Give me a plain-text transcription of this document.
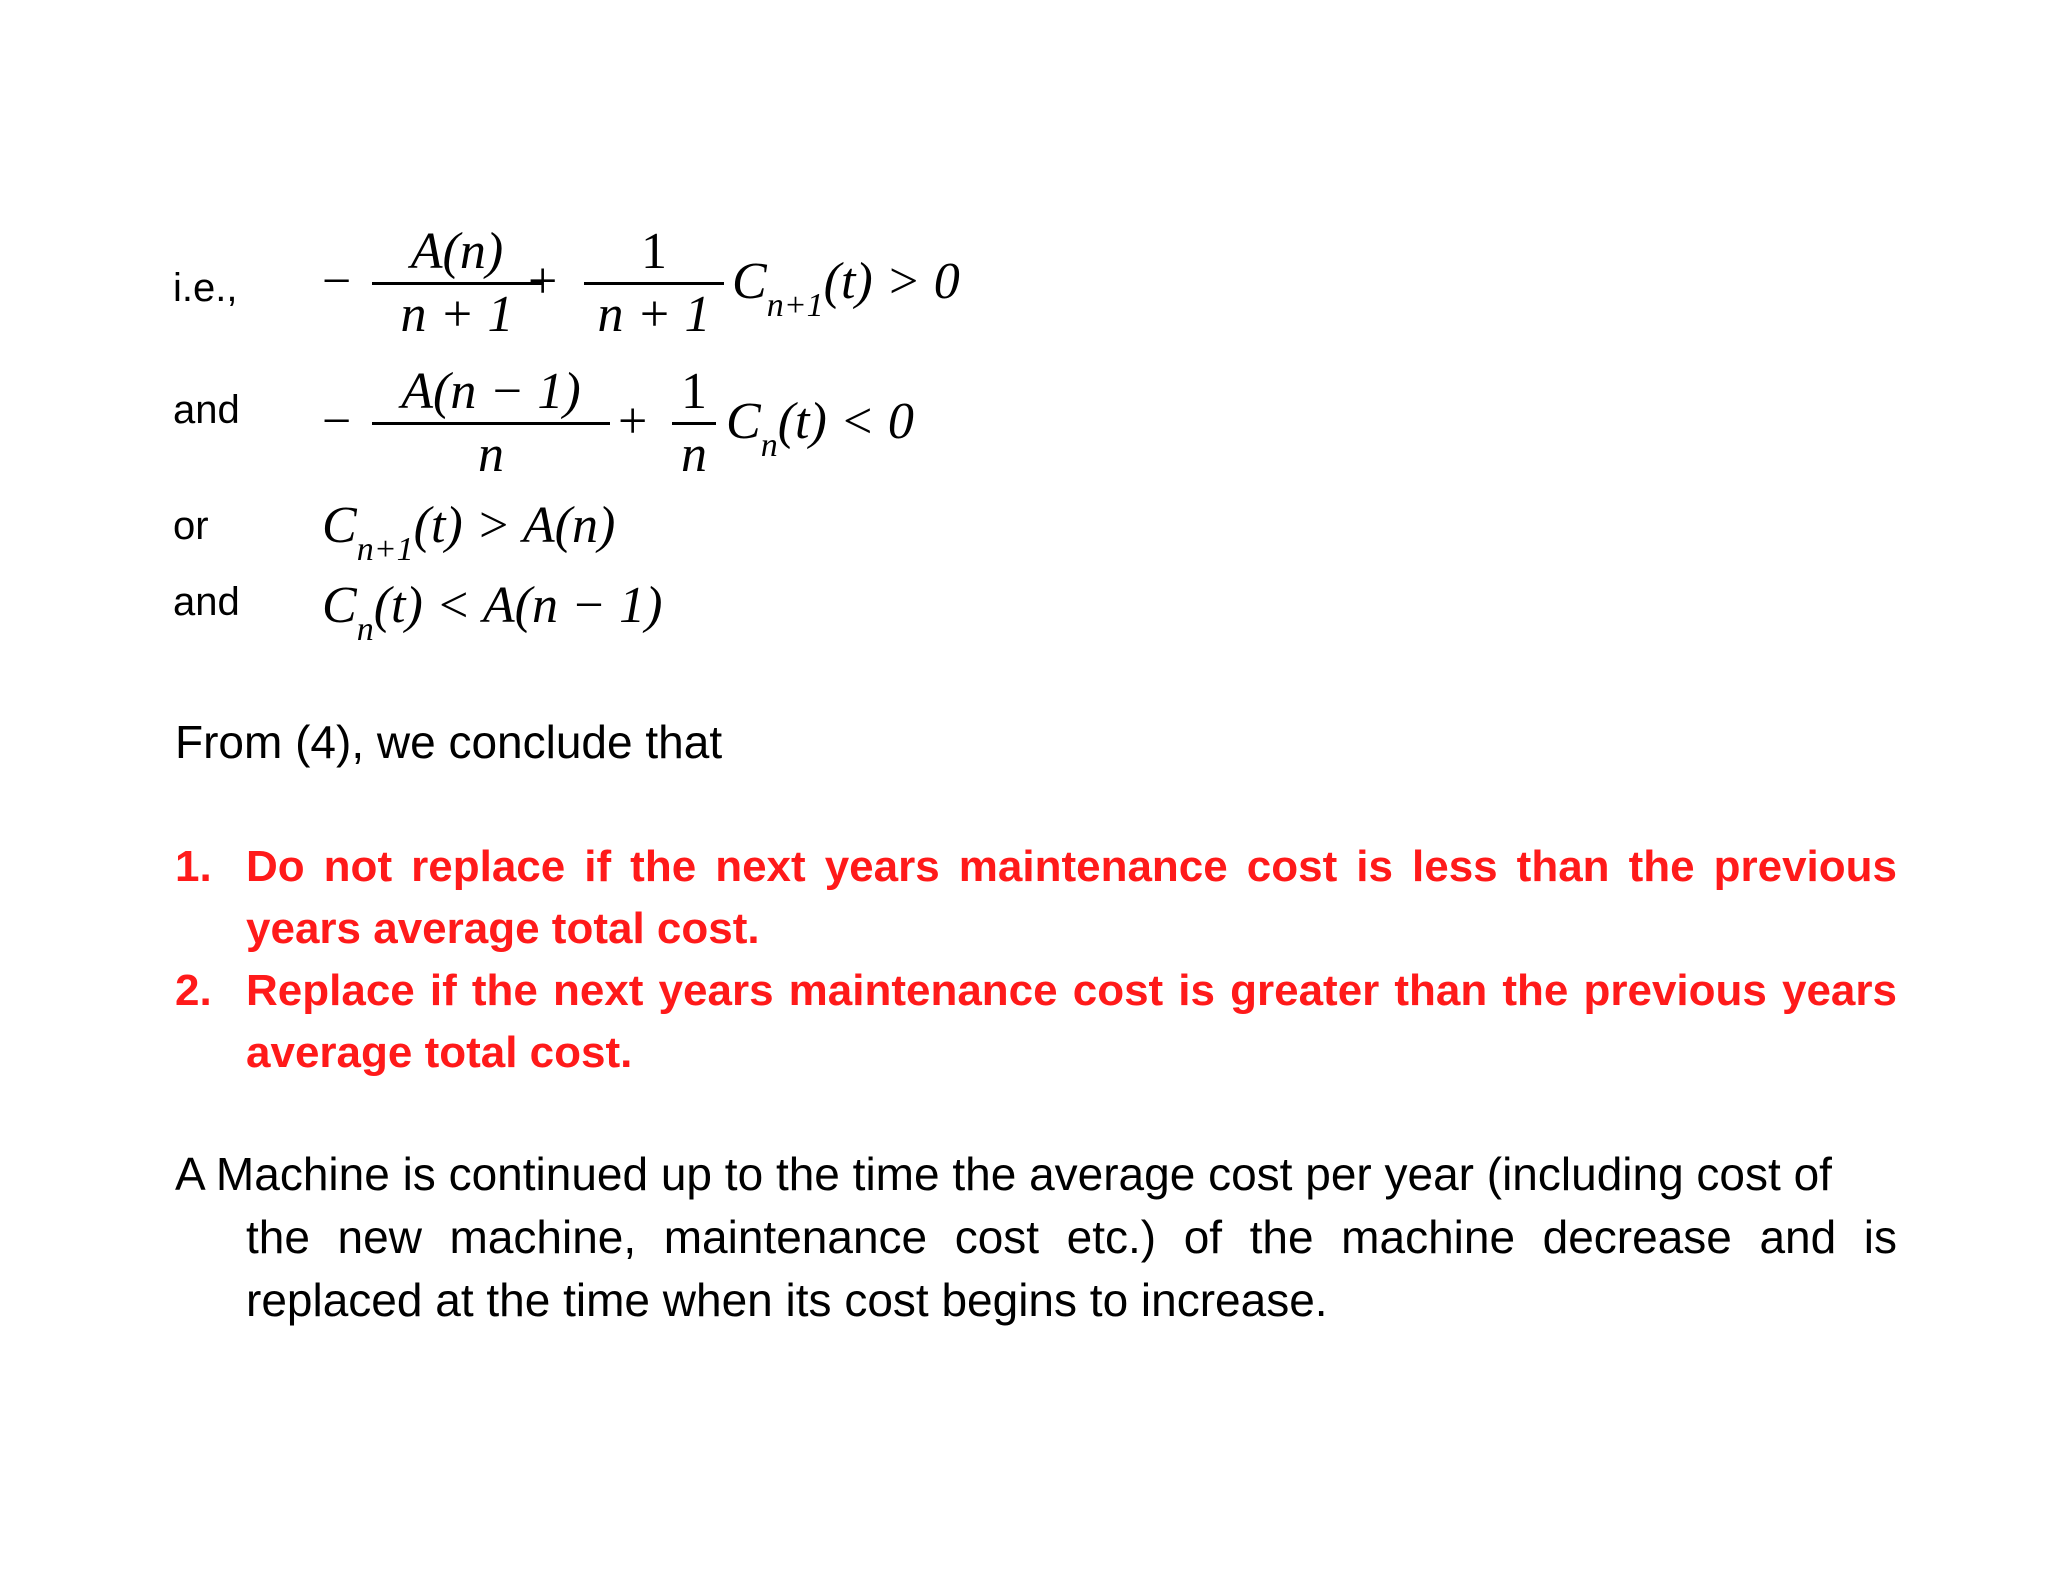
i.e.,
and
or
and
−
A(n)
n + 1
+
1
n + 1
$C_{n+1}(t) > 0$
−
A(n − 1)
n
+
1
n
$C_n(t) < 0$
$C_{n+1}(t) > A(n)$
$C_n(t) < A(n - 1)$
From (4), we conclude that
1. Do not replace if the next years maintenance cost is less than the previous years average total cost.
2. Replace if the next years maintenance cost is greater than the previous years average total cost.
A Machine is continued up to the time the average cost per year (including cost of
the new machine, maintenance cost etc.) of the machine decrease and is replaced at the time when its cost begins to increase.
